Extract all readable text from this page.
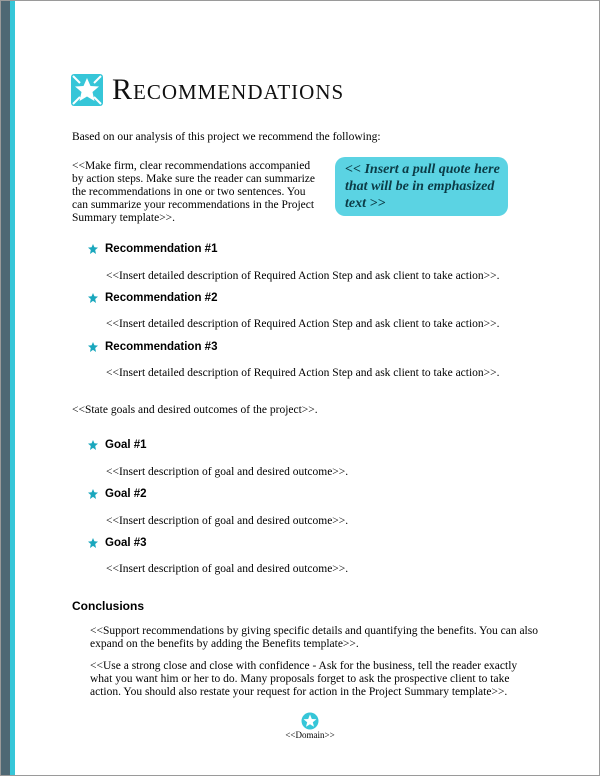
Recommendations
Based on our analysis of this project we recommend the following:
<<Make firm, clear recommendations accompanied by action steps. Make sure the reader can summarize the recommendations in one or two sentences. You can summarize your recommendations in the Project Summary template>>.
<< Insert a pull quote here that will be in emphasized text >>
Recommendation #1
<<Insert detailed description of Required Action Step and ask client to take action>>.
Recommendation #2
<<Insert detailed description of Required Action Step and ask client to take action>>.
Recommendation #3
<<Insert detailed description of Required Action Step and ask client to take action>>.
<<State goals and desired outcomes of the project>>.
Goal #1
<<Insert description of goal and desired outcome>>.
Goal #2
<<Insert description of goal and desired outcome>>.
Goal #3
<<Insert description of goal and desired outcome>>.
Conclusions
<<Support recommendations by giving specific details and quantifying the benefits. You can also expand on the benefits by adding the Benefits template>>.
<<Use a strong close and close with confidence - Ask for the business, tell the reader exactly what you want him or her to do. Many proposals forget to ask the prospective client to take action. You should also restate your request for action in the Project Summary template>>.
<<Domain>>
